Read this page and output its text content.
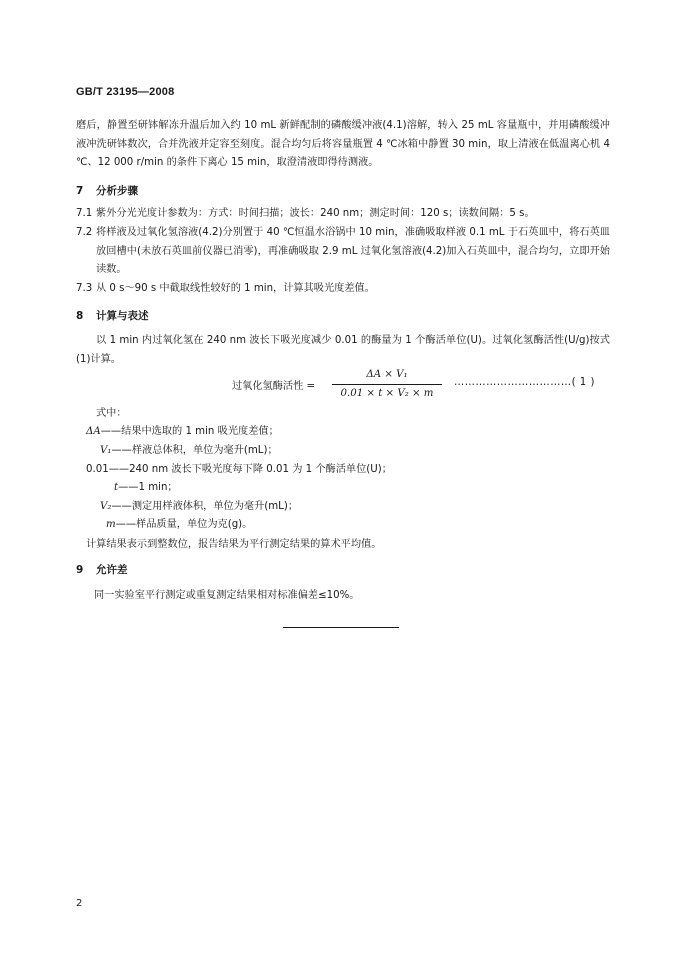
GB/T 23195—2008

磨后，静置至研钵解冻升温后加入约 10 mL 新鲜配制的磷酸缓冲液(4.1)溶解，转入 25 mL 容量瓶中，并用磷酸缓冲液冲洗研钵数次，合并洗液并定容至刻度。混合均匀后将容量瓶置 4 ℃冰箱中静置 30 min，取上清液在低温离心机 4 ℃、12 000 r/min 的条件下离心 15 min，取澄清液即得待测液。

7 分析步骤
7.1 紫外分光光度计参数为：方式：时间扫描；波长：240 nm；测定时间：120 s；读数间隔：5 s。
7.2 将样液及过氧化氢溶液(4.2)分别置于 40 ℃恒温水浴锅中 10 min，准确吸取样液 0.1 mL 于石英皿中，将石英皿放回槽中(未放石英皿前仪器已消零)，再准确吸取 2.9 mL 过氧化氢溶液(4.2)加入石英皿中，混合均匀，立即开始读数。
7.3 从 0 s～90 s 中截取线性较好的 1 min，计算其吸光度差值。
8 计算与表述

以 1 min 内过氧化氢在 240 nm 波长下吸光度减少 0.01 的酶量为 1 个酶活单位(U)。过氧化氢酶活性(U/g)按式(1)计算。

过氧化氢酶活性 =
ΔA × V₁
0.01 × t × V₂ × m
……………………………( 1 )
式中：
ΔA——结果中选取的 1 min 吸光度差值；
V₁——样液总体积，单位为毫升(mL)；
0.01——240 nm 波长下吸光度每下降 0.01 为 1 个酶活单位(U)；
t——1 min；
V₂——测定用样液体积，单位为毫升(mL)；
m——样品质量，单位为克(g)。
计算结果表示到整数位，报告结果为平行测定结果的算术平均值。
9 允许差
同一实验室平行测定或重复测定结果相对标准偏差≤10%。
2
